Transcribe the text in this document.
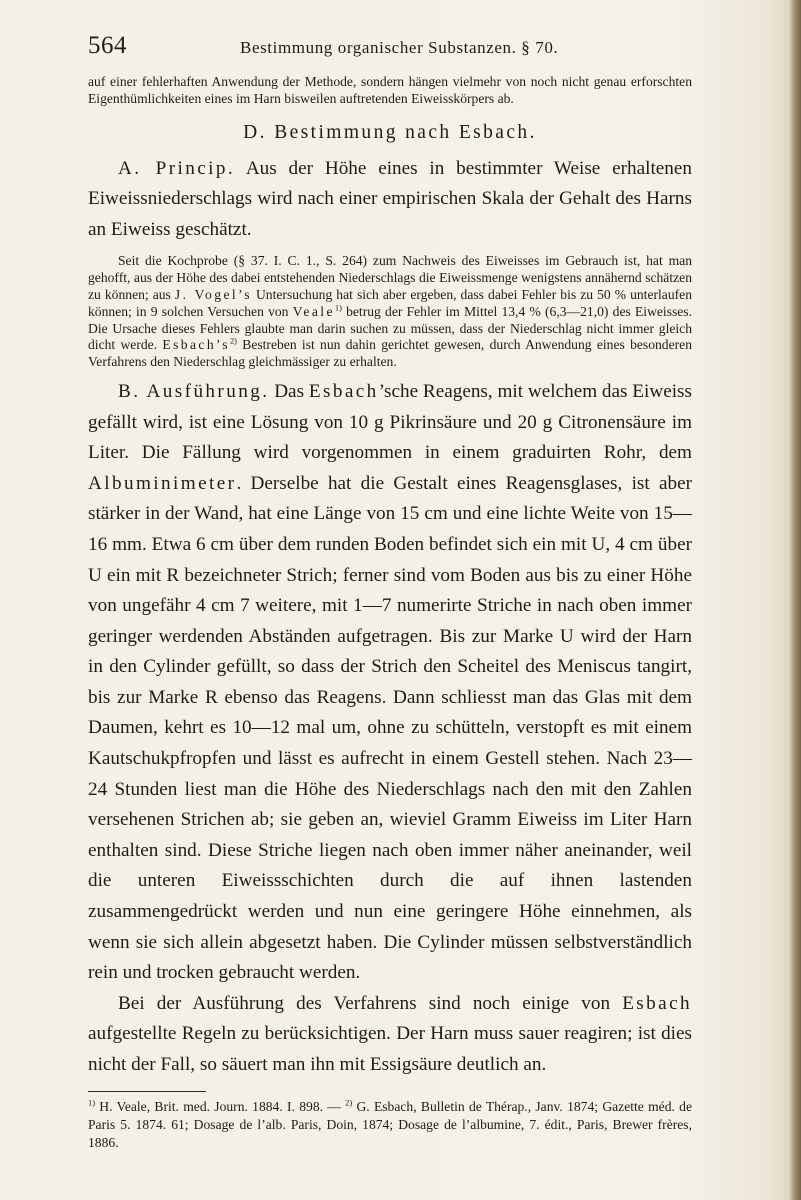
564	Bestimmung organischer Substanzen. § 70.

auf einer fehlerhaften Anwendung der Methode, sondern hängen vielmehr von noch nicht genau erforschten Eigenthümlichkeiten eines im Harn bisweilen auftretenden Eiweisskörpers ab.

D. Bestimmung nach Esbach.

A. Princip. Aus der Höhe eines in bestimmter Weise erhaltenen Eiweissniederschlags wird nach einer empirischen Skala der Gehalt des Harns an Eiweiss geschätzt.

Seit die Kochprobe (§ 37. I. C. 1., S. 264) zum Nachweis des Eiweisses im Gebrauch ist, hat man gehofft, aus der Höhe des dabei entstehenden Niederschlags die Eiweissmenge wenigstens annähernd schätzen zu können; aus J. Vogel’s Untersuchung hat sich aber ergeben, dass dabei Fehler bis zu 50 % unterlaufen können; in 9 solchen Versuchen von Veale$^{1)}$ betrug der Fehler im Mittel 13,4 % (6,3—21,0) des Eiweisses. Die Ursache dieses Fehlers glaubte man darin suchen zu müssen, dass der Niederschlag nicht immer gleich dicht werde. $Esbach’s^{2)}$ Bestreben ist nun dahin gerichtet gewesen, durch Anwendung eines besonderen Verfahrens den Niederschlag gleichmässiger zu erhalten.

B. Ausführung. Das Esbach’sche Reagens, mit welchem das Eiweiss gefällt wird, ist eine Lösung von 10 g Pikrinsäure und 20 g Citronensäure im Liter. Die Fällung wird vorgenommen in einem graduirten Rohr, dem Albuminimeter. Derselbe hat die Gestalt eines Reagensglases, ist aber stärker in der Wand, hat eine Länge von 15 cm und eine lichte Weite von 15—16 mm. Etwa 6 cm über dem runden Boden befindet sich ein mit U, 4 cm über U ein mit R bezeichneter Strich; ferner sind vom Boden aus bis zu einer Höhe von ungefähr 4 cm 7 weitere, mit 1—7 numerirte Striche in nach oben immer geringer werdenden Abständen aufgetragen. Bis zur Marke U wird der Harn in den Cylinder gefüllt, so dass der Strich den Scheitel des Meniscus tangirt, bis zur Marke R ebenso das Reagens. Dann schliesst man das Glas mit dem Daumen, kehrt es 10—12 mal um, ohne zu schütteln, verstopft es mit einem Kautschukpfropfen und lässt es aufrecht in einem Gestell stehen. Nach 23—24 Stunden liest man die Höhe des Niederschlags nach den mit den Zahlen versehenen Strichen ab; sie geben an, wieviel Gramm Eiweiss im Liter Harn enthalten sind. Diese Striche liegen nach oben immer näher aneinander, weil die unteren Eiweissschichten durch die auf ihnen lastenden zusammengedrückt werden und nun eine geringere Höhe einnehmen, als wenn sie sich allein abgesetzt haben. Die Cylinder müssen selbstverständlich rein und trocken gebraucht werden.

Bei der Ausführung des Verfahrens sind noch einige von Esbach aufgestellte Regeln zu berücksichtigen. Der Harn muss sauer reagiren; ist dies nicht der Fall, so säuert man ihn mit Essigsäure deutlich an.

$^{1)}$ H. Veale, Brit. med. Journ. 1884. I. 898. — $^{2)}$ G. Esbach, Bulletin de Thérap., Janv. 1874; Gazette méd. de Paris 5. 1874. 61; Dosage de l’alb. Paris, Doin, 1874; Dosage de l’albumine, 7. édit., Paris, Brewer frères, 1886.
